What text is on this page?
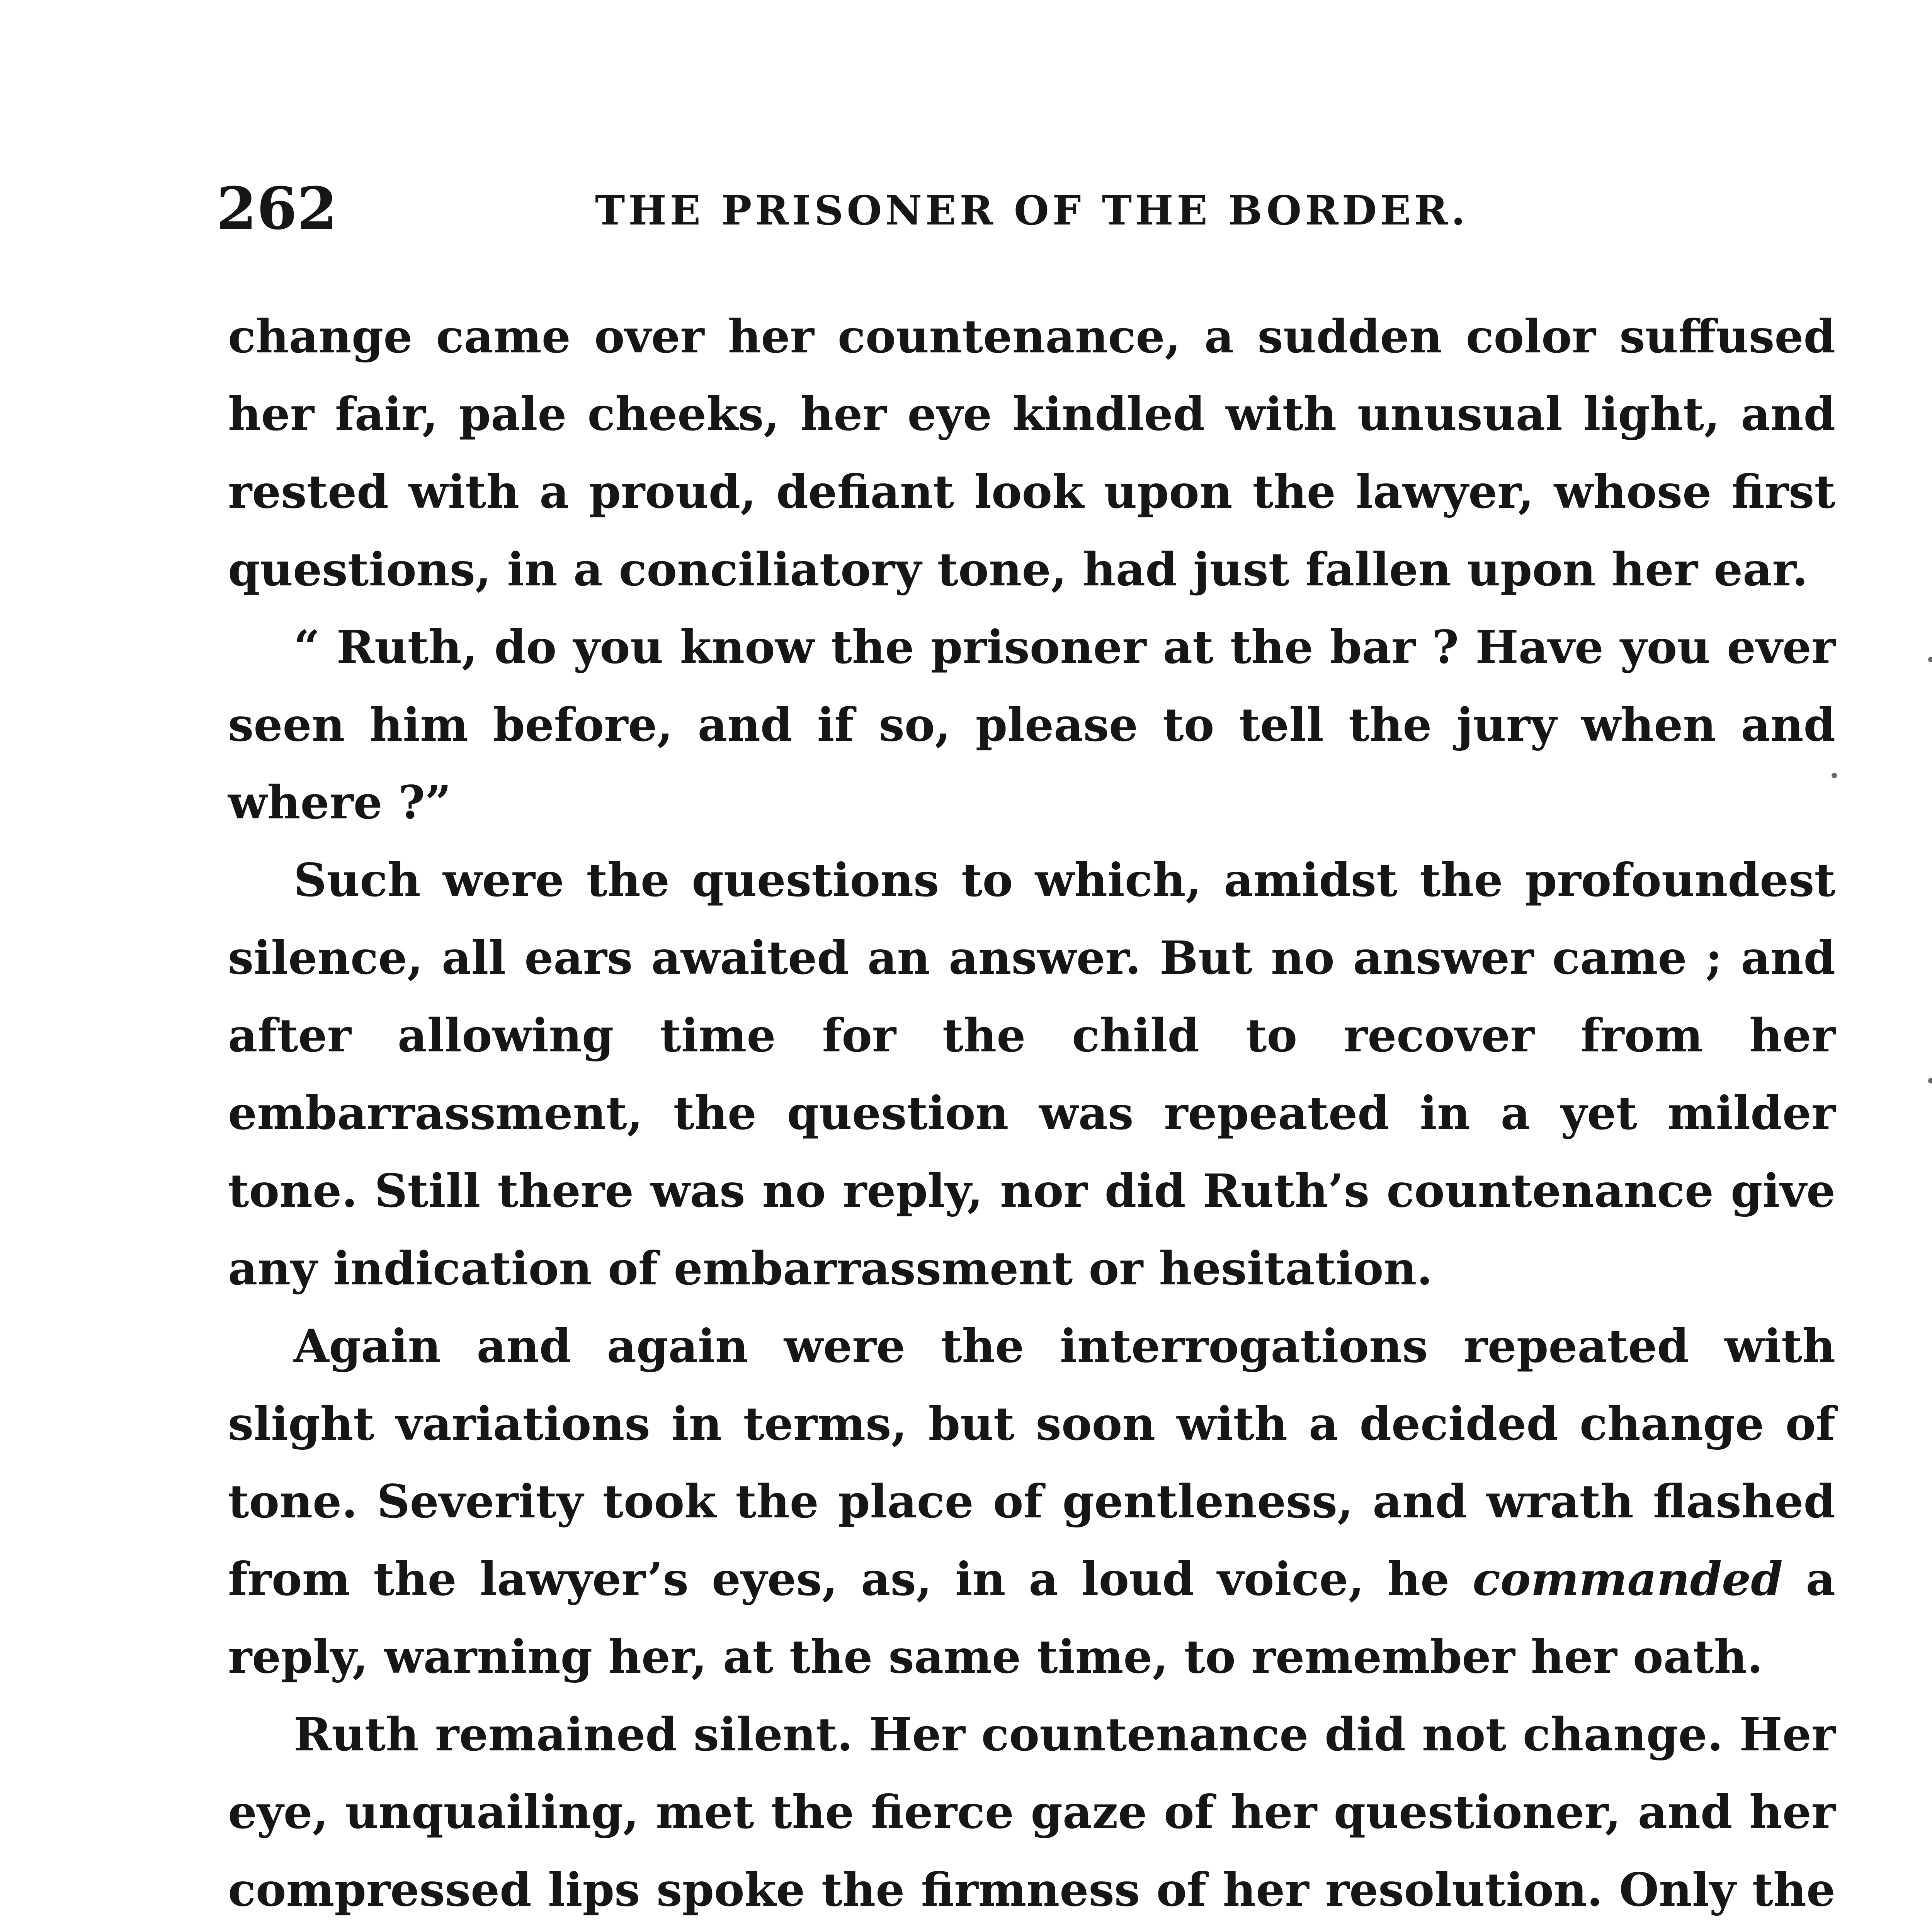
262	THE PRISONER OF THE BORDER.

change came over her countenance, a sudden color suffused her fair, pale cheeks, her eye kindled with unusual light, and rested with a proud, defiant look upon the lawyer, whose first questions, in a conciliatory tone, had just fallen upon her ear.

“ Ruth, do you know the prisoner at the bar ? Have you ever seen him before, and if so, please to tell the jury when and where ?”

Such were the questions to which, amidst the profoundest silence, all ears awaited an answer. But no answer came ; and after allowing time for the child to recover from her embarrassment, the question was repeated in a yet milder tone. Still there was no reply, nor did Ruth’s countenance give any indication of embarrassment or hesitation.

Again and again were the interrogations repeated with slight variations in terms, but soon with a decided change of tone. Severity took the place of gentleness, and wrath flashed from the lawyer’s eyes, as, in a loud voice, he commanded a reply, warning her, at the same time, to remember her oath.

Ruth remained silent. Her countenance did not change. Her eye, unquailing, met the fierce gaze of her questioner, and her compressed lips spoke the firmness of her resolution. Only the
